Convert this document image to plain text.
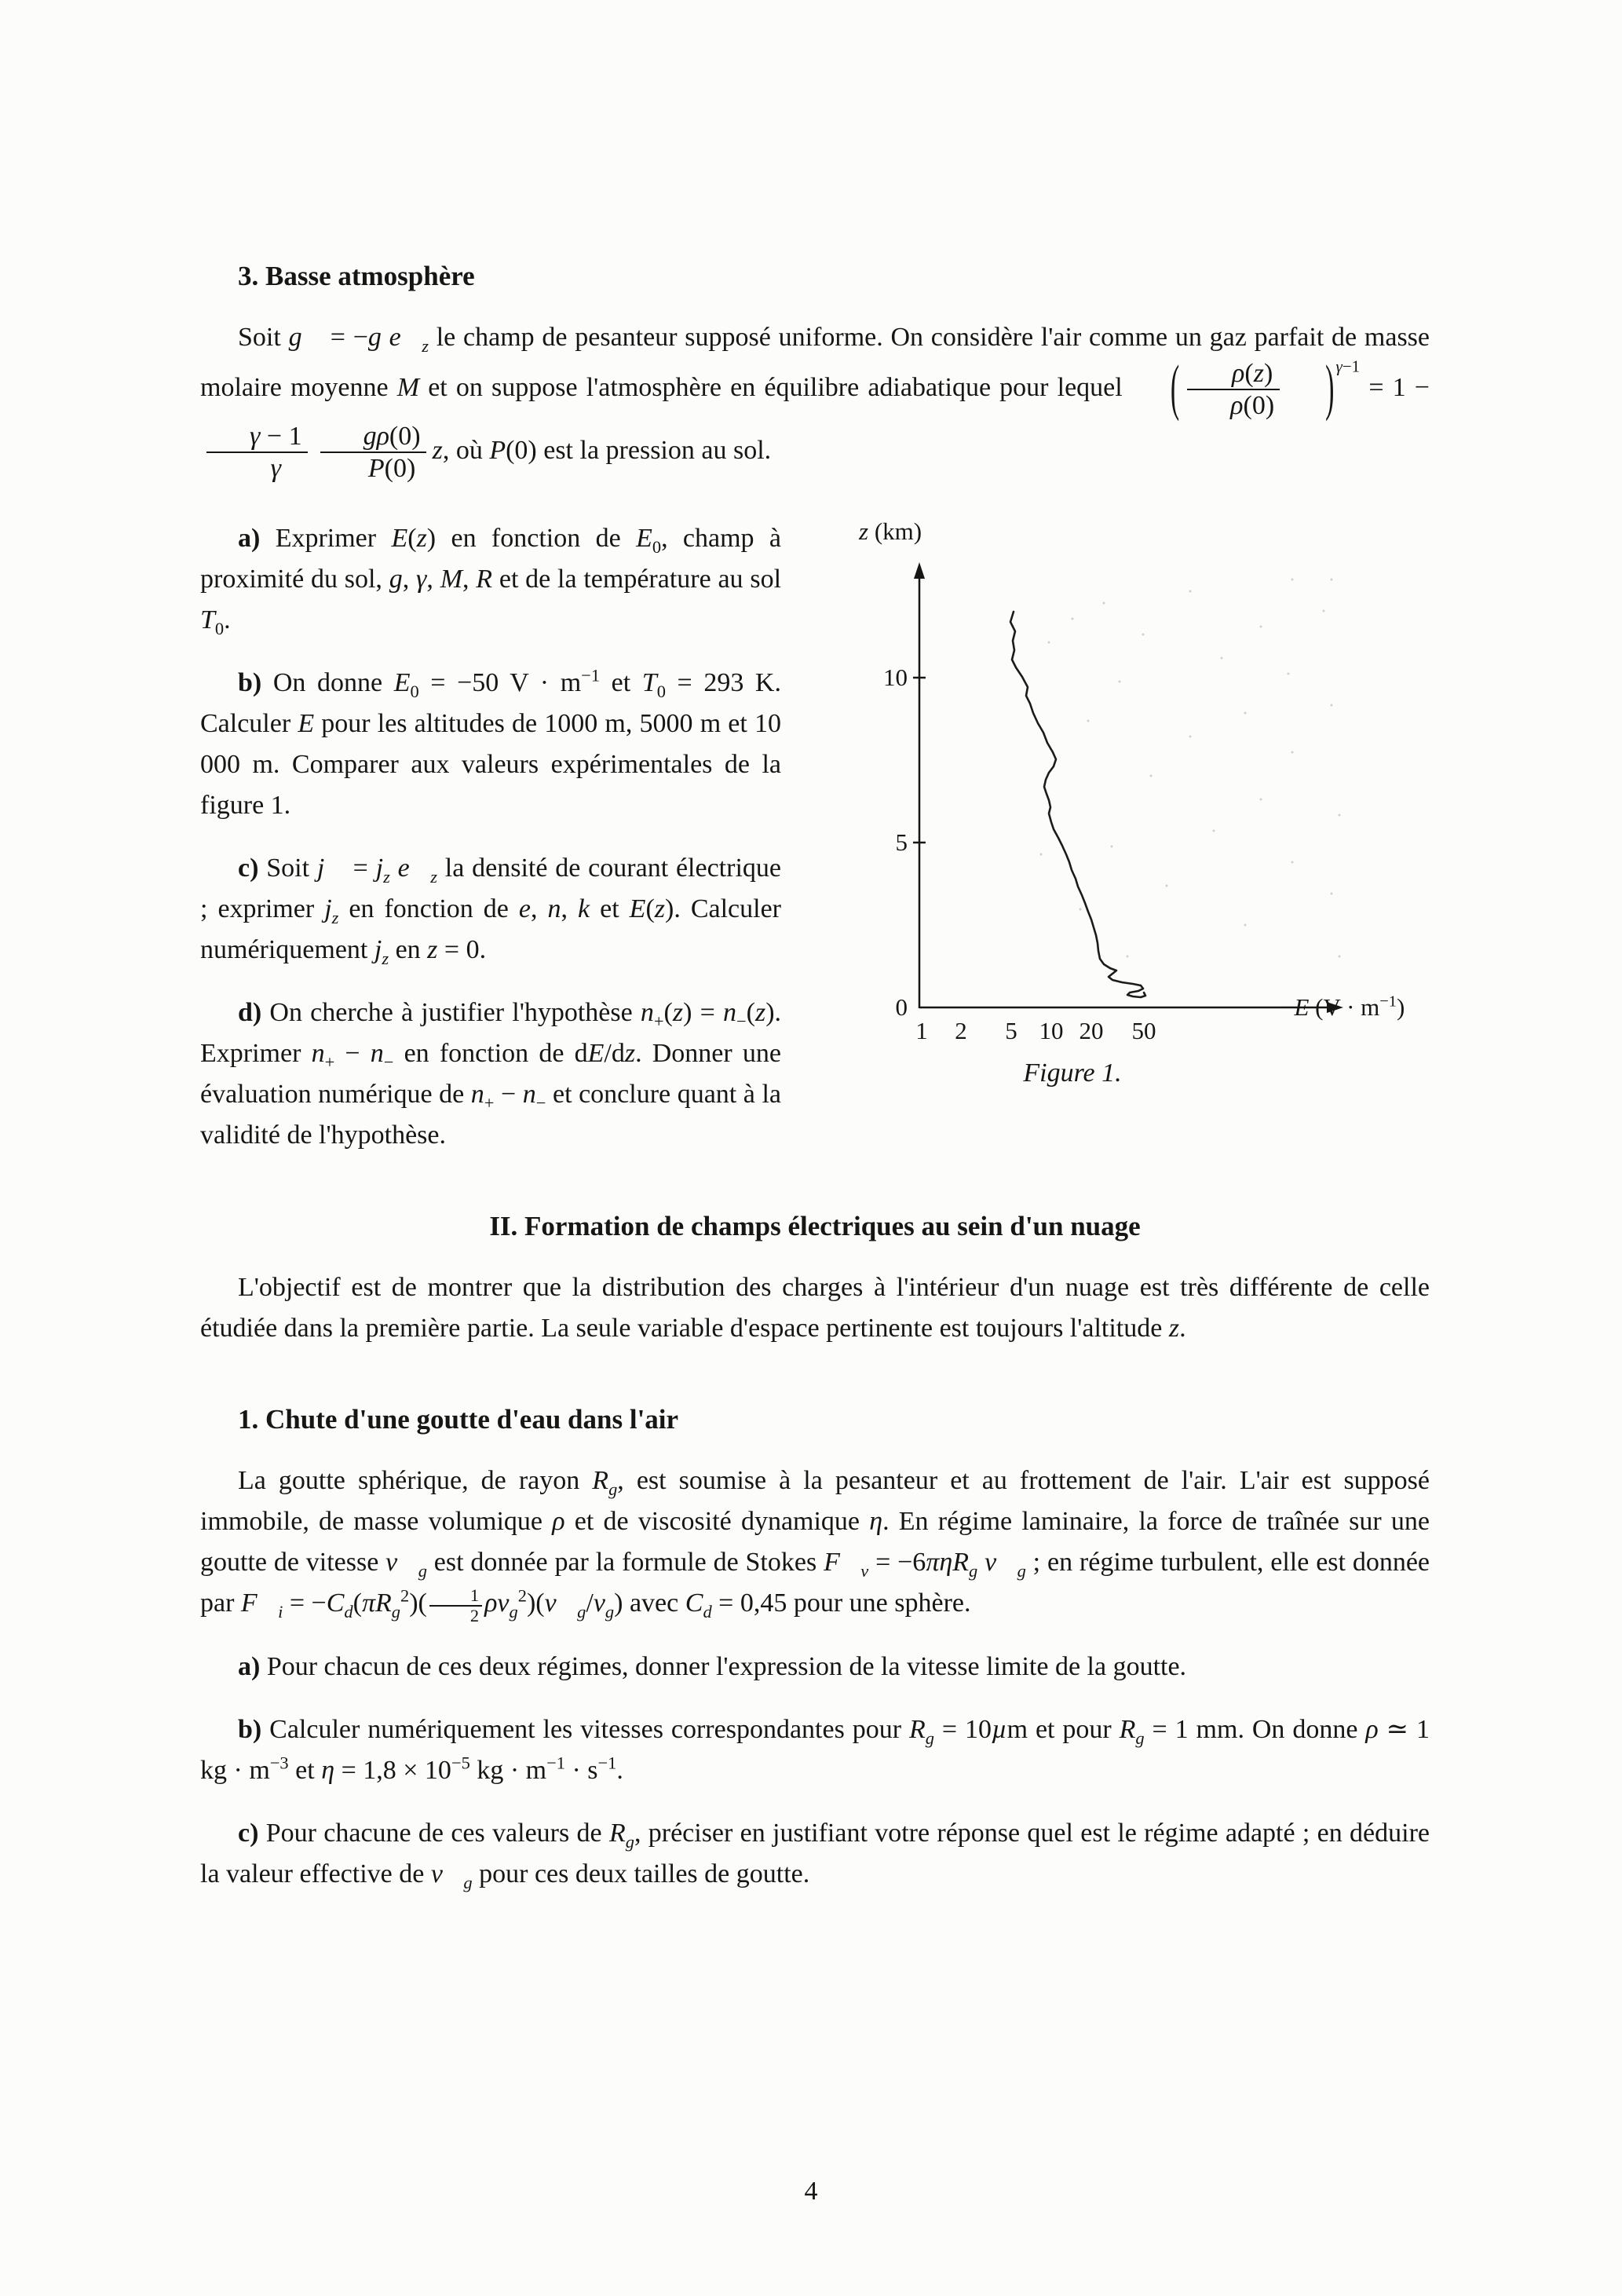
3. Basse atmosphère

Soit g⃗ = −g $e⃗_z$ le champ de pesanteur supposé uniforme. On considère l'air comme un gaz parfait de masse molaire moyenne M et on suppose l'atmosphère en équilibre adiabatique pour lequel ( $\frac{\rho(z)}{\rho(0)} )^{\gamma-1} = 1$ −
$\frac{\gamma - 1}{\gamma} \frac{g\rho(0)}{P(0)} z$, où P(0) est la pression au sol.

a) Exprimer E(z) en fonction de $E_0$, champ à proximité du sol, g, γ, M, R et de la température au sol $T_0$.

b) On donne $E_0 = -50$ $V \cdot m^{-1}$ et $T_0 = 293$ K. Calculer E pour les altitudes de 1000 m, 5000 m et 10 000 m. Comparer aux valeurs expérimentales de la figure 1.

c) Soit j⃗ = $j_z$ $e⃗_z$ la densité de courant électrique ; exprimer $j_z$ en fonction de e, n, k et E(z). Calculer numériquement $j_z$ en z = 0.

d) On cherche à justifier l'hypothèse $n_+(z) = n_-(z)$. Exprimer $n_+ - n_-$ en fonction de dE/dz. Donner une évaluation numérique de $n_+ - n_-$ et conclure quant à la validité de l'hypothèse.

z (km)
10
5
0
1 2 5 10 20 50
−E $(V \cdot m^{-1})$
Figure 1.
II. Formation de champs électriques au sein d'un nuage

L'objectif est de montrer que la distribution des charges à l'intérieur d'un nuage est très différente de celle étudiée dans la première partie. La seule variable d'espace pertinente est toujours l'altitude z.

1. Chute d'une goutte d'eau dans l'air

La goutte sphérique, de rayon $R_g$, est soumise à la pesanteur et au frottement de l'air. L'air est supposé immobile, de masse volumique ρ et de viscosité dynamique η. En régime laminaire, la force de traînée sur une goutte de vitesse $v⃗_g$ est donnée par la formule de Stokes $F⃗_v = -6\pi\eta R_g$ $v⃗_g$ ; en régime turbulent, elle est donnée par $F⃗_i = -C_d(\pi R_g^2)( \frac{1}{2}$ $\rho v_g^2)(v⃗_g/v_g)$ avec $C_d = 0,45$ pour une sphère.

a) Pour chacun de ces deux régimes, donner l'expression de la vitesse limite de la goutte.

b) Calculer numériquement les vitesses correspondantes pour $R_g = 10\mu m$ et pour $R_g = 1$ mm. On donne ρ ≃ 1 kg · $m^{-3}$ et $\eta = 1,8 \times 10^{-5}$ kg · $m^{-1} \cdot s^{-1}$.

c) Pour chacune de ces valeurs de $R_g$, préciser en justifiant votre réponse quel est le régime adapté ; en déduire la valeur effective de $v⃗_g$ pour ces deux tailles de goutte.

4
